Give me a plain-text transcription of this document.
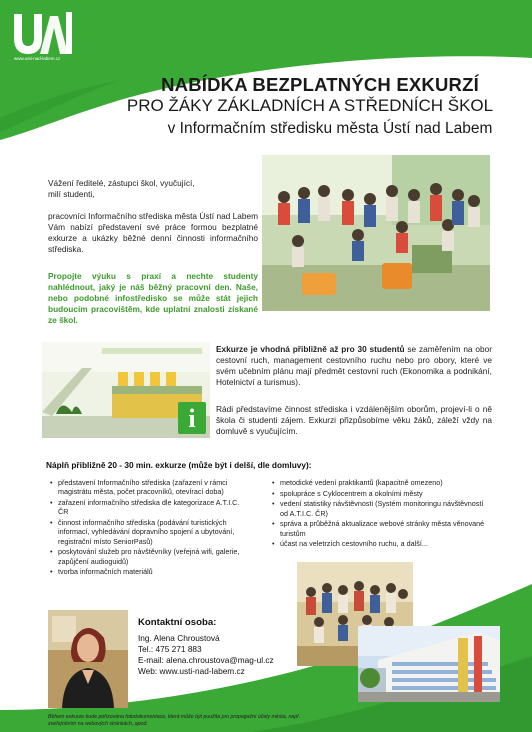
www.usti-nad-labem.cz
NABÍDKA BEZPLATNÝCH EXKURZÍ
PRO ŽÁKY ZÁKLADNÍCH A STŘEDNÍCH ŠKOL
v Informačním středisku města Ústí nad Labem
Vážení ředitelé, zástupci škol, vyučující,
milí studenti,
pracovníci Informačního střediska města Ústí nad Labem Vám nabízí představení své práce formou bezplatné exkurze a ukázky běžné denní činnosti informačního střediska.
Propojte výuku s praxí a nechte studenty nahlédnout, jaký je náš běžný pracovní den. Naše, nebo podobné infostředisko se může stát jejich budoucím pracovištěm, kde uplatní znalosti získané ze škol.
i
Exkurze je vhodná přibližně až pro 30 studentů se zaměřením na obor cestovní ruch, management cestovního ruchu nebo pro obory, které ve svém učebním plánu mají předmět cestovní ruch (Ekonomika a podnikání, Hotelnictví a turismus).
Rádi představíme činnost střediska i vzdálenějším oborům, projeví-li o ně škola či studenti zájem. Exkurzi přizpůsobíme věku žáků, záleží vždy na domluvě s vyučujícím.
Náplň přibližně 20 - 30 min. exkurze (může být i delší, dle domluvy):
• představení Informačního střediska (zařazení v rámci magistrátu města, počet pracovníků, otevírací doba)
• zařazení informačního střediska dle kategorizace A.T.I.C. ČR
• činnost informačního střediska (podávání turistických informací, vyhledávání dopravního spojení a ubytování, registrační místo SeniorPasů)
• poskytování služeb pro návštěvníky (veřejná wifi, galerie, zapůjčení audioguidů)
• tvorba informačních materiálů
• metodické vedení praktikantů (kapacitně omezeno)
• spolupráce s Cyklocentrem a okolními městy
• vedení statistiky návštěvnosti (Systém monitoringu návštěvností od A.T.I.C. ČR)
• správa a průběžná aktualizace webové stránky města věnované turistům
• účast na veletrzích cestovního ruchu, a další...
Kontaktní osoba:
Ing. Alena Chroustová
Tel.: 475 271 883
E-mail: alena.chroustova@mag-ul.cz
Web: www.usti-nad-labem.cz
Během exkurze bude pořizována fotodokumentace, která může být použita pro propagační účely města, např. zveřejněním na webových stránkách, apod.
